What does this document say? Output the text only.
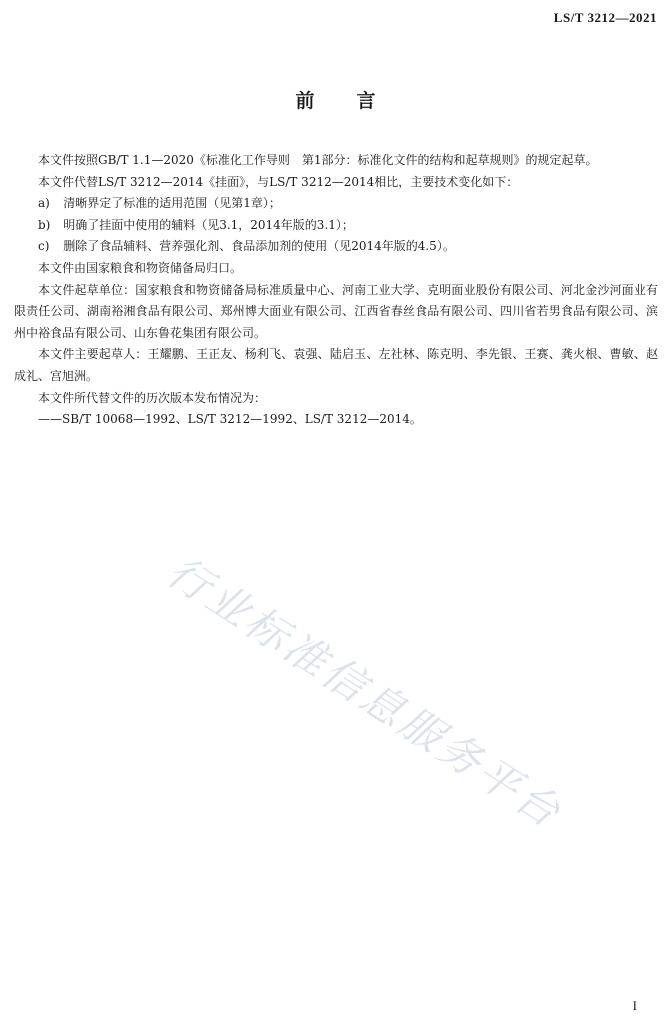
LS/T 3212—2021
前言

本文件按照GB/T 1.1—2020《标准化工作导则　第1部分：标准化文件的结构和起草规则》的规定起草。

本文件代替LS/T 3212—2014《挂面》，与LS/T 3212—2014相比，主要技术变化如下：

a) 清晰界定了标准的适用范围（见第1章）；

b) 明确了挂面中使用的辅料（见3.1，2014年版的3.1）；

c) 删除了食品辅料、营养强化剂、食品添加剂的使用（见2014年版的4.5）。

本文件由国家粮食和物资储备局归口。

本文件起草单位：国家粮食和物资储备局标准质量中心、河南工业大学、克明面业股份有限公司、河北金沙河面业有限责任公司、湖南裕湘食品有限公司、郑州博大面业有限公司、江西省春丝食品有限公司、四川省若男食品有限公司、滨州中裕食品有限公司、山东鲁花集团有限公司。

本文件主要起草人：王耀鹏、王正友、杨利飞、袁强、陆启玉、左社林、陈克明、李先银、王赛、龚火根、曹敏、赵成礼、宫旭洲。

本文件所代替文件的历次版本发布情况为：

——SB/T 10068—1992、LS/T 3212—1992、LS/T 3212—2014。

行业标准信息服务平台
I
